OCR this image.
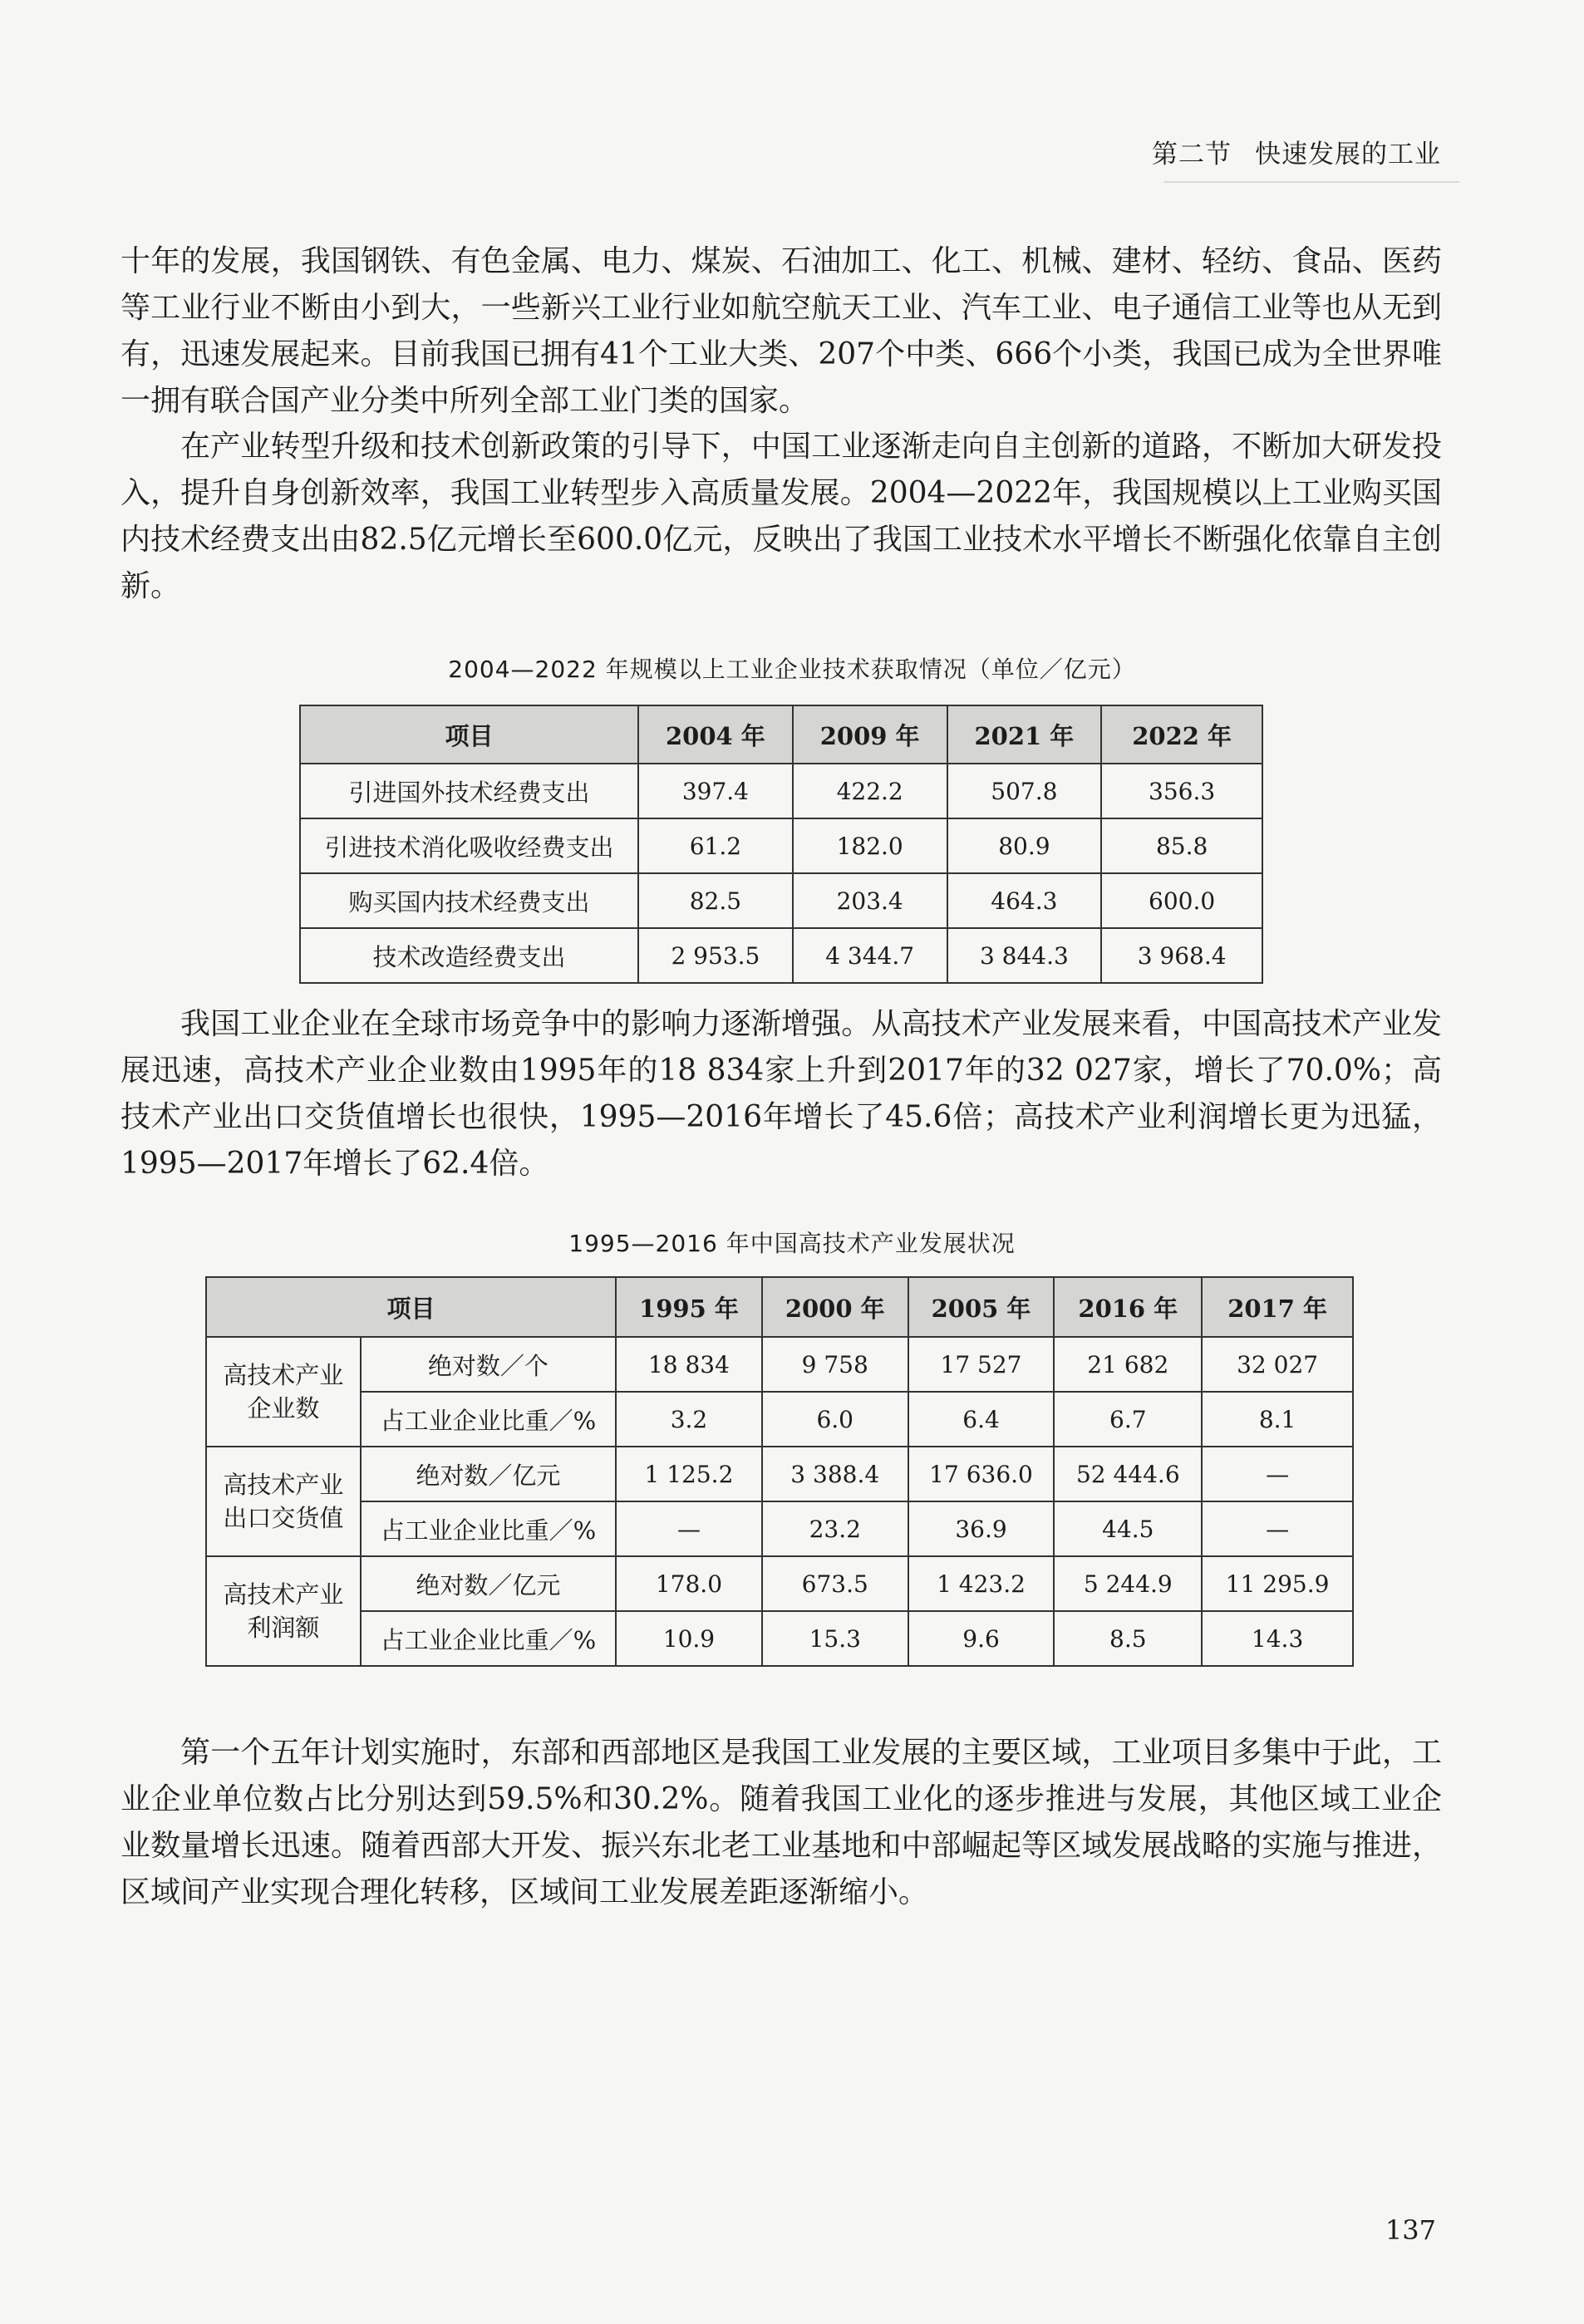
第二节 快速发展的工业

十年的发展，我国钢铁、有色金属、电力、煤炭、石油加工、化工、机械、建材、轻纺、食品、医药等工业行业不断由小到大，一些新兴工业行业如航空航天工业、汽车工业、电子通信工业等也从无到有，迅速发展起来。目前我国已拥有41个工业大类、207个中类、666个小类，我国已成为全世界唯一拥有联合国产业分类中所列全部工业门类的国家。

在产业转型升级和技术创新政策的引导下，中国工业逐渐走向自主创新的道路，不断加大研发投入，提升自身创新效率，我国工业转型步入高质量发展。2004—2022年，我国规模以上工业购买国内技术经费支出由82.5亿元增长至600.0亿元，反映出了我国工业技术水平增长不断强化依靠自主创新。

2004—2022 年规模以上工业企业技术获取情况（单位／亿元）
项目	2004 年	2009 年	2021 年	2022 年
引进国外技术经费支出	397.4	422.2	507.8	356.3
引进技术消化吸收经费支出	61.2	182.0	80.9	85.8
购买国内技术经费支出	82.5	203.4	464.3	600.0
技术改造经费支出	2 953.5	4 344.7	3 844.3	3 968.4

我国工业企业在全球市场竞争中的影响力逐渐增强。从高技术产业发展来看，中国高技术产业发展迅速，高技术产业企业数由1995年的18 834家上升到2017年的32 027家，增长了70.0%；高技术产业出口交货值增长也很快，1995—2016年增长了45.6倍；高技术产业利润增长更为迅猛，1995—2017年增长了62.4倍。

1995—2016 年中国高技术产业发展状况
项目		1995 年	2000 年	2005 年	2016 年	2017 年

高技术产业
企业数	绝对数／个	18 834	9 758	17 527	21 682	32 027
	占工业企业比重／%	3.2	6.0	6.4	6.7	8.1

高技术产业
出口交货值	绝对数／亿元	1 125.2	3 388.4	17 636.0	52 444.6	—
	占工业企业比重／%	—	23.2	36.9	44.5	—

高技术产业
利润额	绝对数／亿元	178.0	673.5	1 423.2	5 244.9	11 295.9
	占工业企业比重／%	10.9	15.3	9.6	8.5	14.3

第一个五年计划实施时，东部和西部地区是我国工业发展的主要区域，工业项目多集中于此，工业企业单位数占比分别达到59.5%和30.2%。随着我国工业化的逐步推进与发展，其他区域工业企业数量增长迅速。随着西部大开发、振兴东北老工业基地和中部崛起等区域发展战略的实施与推进，区域间产业实现合理化转移，区域间工业发展差距逐渐缩小。

137
